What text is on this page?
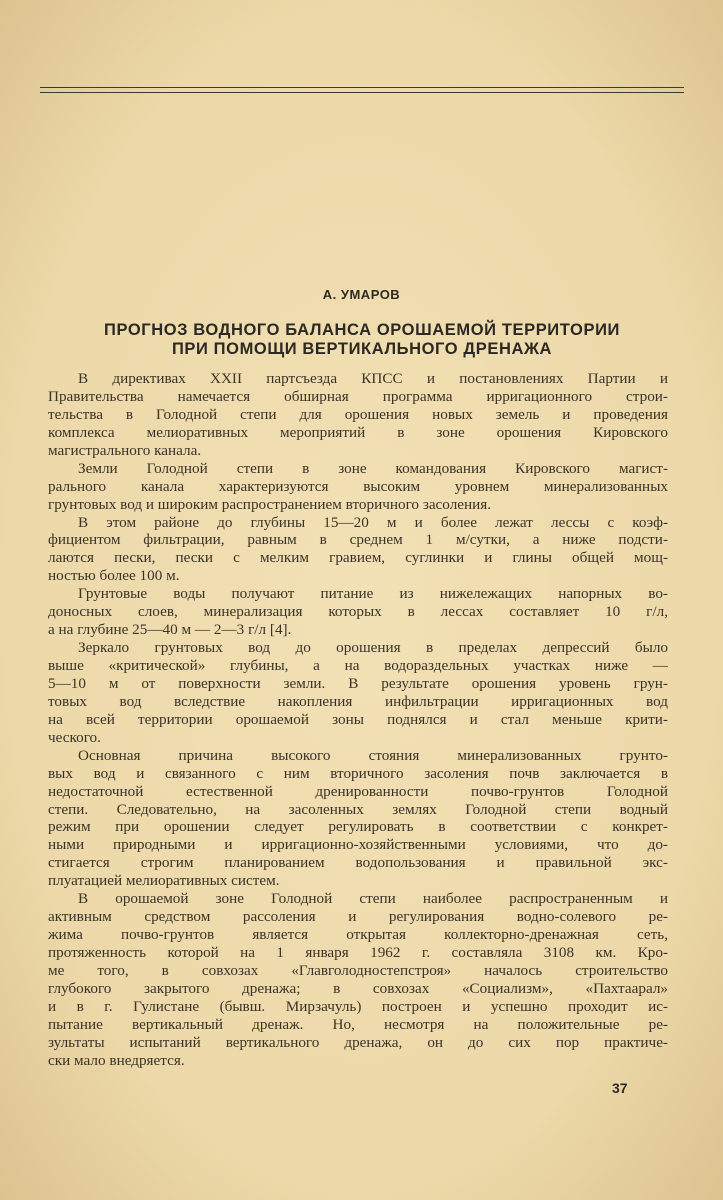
А. УМАРОВ
ПРОГНОЗ ВОДНОГО БАЛАНСА ОРОШАЕМОЙ ТЕРРИТОРИИ
ПРИ ПОМОЩИ ВЕРТИКАЛЬНОГО ДРЕНАЖА
В директивах XXII партсъезда КПСС и постановлениях Партии и
Правительства намечается обширная программа ирригационного строи-
тельства в Голодной степи для орошения новых земель и проведения
комплекса мелиоративных мероприятий в зоне орошения Кировского
магистрального канала.
Земли Голодной степи в зоне командования Кировского магист-
рального канала характеризуются высоким уровнем минерализованных
грунтовых вод и широким распространением вторичного засоления.
В этом районе до глубины 15—20 м и более лежат лессы с коэф-
фициентом фильтрации, равным в среднем 1 м/сутки, а ниже подсти-
лаются пески, пески с мелким гравием, суглинки и глины общей мощ-
ностью более 100 м.
Грунтовые воды получают питание из нижележащих напорных во-
доносных слоев, минерализация которых в лессах составляет 10 г/л,
а на глубине 25—40 м — 2—3 г/л [4].
Зеркало грунтовых вод до орошения в пределах депрессий было
выше «критической» глубины, а на водораздельных участках ниже —
5—10 м от поверхности земли. В результате орошения уровень грун-
товых вод вследствие накопления инфильтрации ирригационных вод
на всей территории орошаемой зоны поднялся и стал меньше крити-
ческого.
Основная причина высокого стояния минерализованных грунто-
вых вод и связанного с ним вторичного засоления почв заключается в
недостаточной естественной дренированности почво-грунтов Голодной
степи. Следовательно, на засоленных землях Голодной степи водный
режим при орошении следует регулировать в соответствии с конкрет-
ными природными и ирригационно-хозяйственными условиями, что до-
стигается строгим планированием водопользования и правильной экс-
плуатацией мелиоративных систем.
В орошаемой зоне Голодной степи наиболее распространенным и
активным средством рассоления и регулирования водно-солевого ре-
жима почво-грунтов является открытая коллекторно-дренажная сеть,
протяженность которой на 1 января 1962 г. составляла 3108 км. Кро-
ме того, в совхозах «Главголодностепстроя» началось строительство
глубокого закрытого дренажа; в совхозах «Социализм», «Пахтаарал»
и в г. Гулистане (бывш. Мирзачуль) построен и успешно проходит ис-
пытание вертикальный дренаж. Но, несмотря на положительные ре-
зультаты испытаний вертикального дренажа, он до сих пор практиче-
ски мало внедряется.
37
